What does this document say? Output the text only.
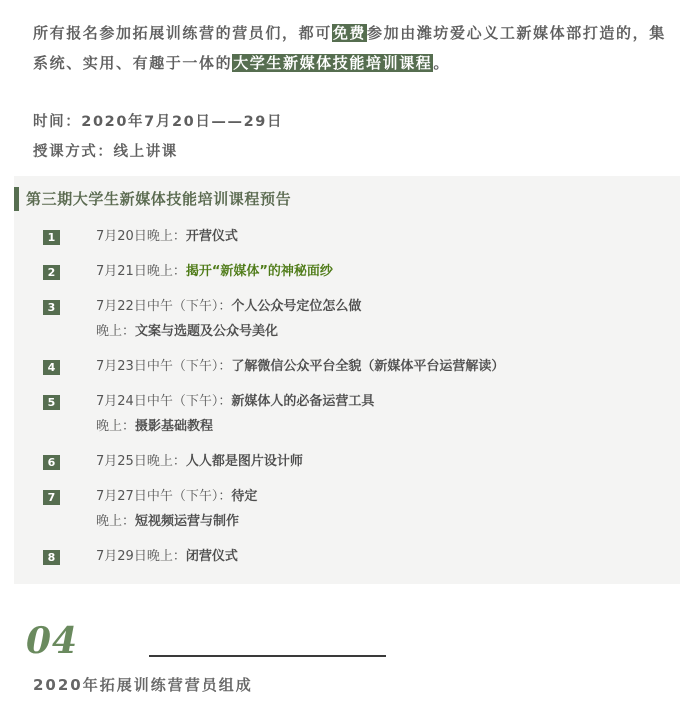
所有报名参加拓展训练营的营员们，都可免费参加由潍坊爱心义工新媒体部打造的，集系统、实用、有趣于一体的大学生新媒体技能培训课程。
时间：2020年7月20日——29日
授课方式：线上讲课
第三期大学生新媒体技能培训课程预告
1	7月20日晚上：开营仪式
2	7月21日晚上：揭开“新媒体”的神秘面纱
3	7月22日中午（下午）：个人公众号定位怎么做
晚上：文案与选题及公众号美化
4	7月23日中午（下午）：了解微信公众平台全貌（新媒体平台运营解读）
5	7月24日中午（下午）：新媒体人的必备运营工具
晚上：摄影基础教程
6	7月25日晚上：人人都是图片设计师
7	7月27日中午（下午）：待定
晚上：短视频运营与制作
8	7月29日晚上：闭营仪式
04
2020年拓展训练营营员组成
